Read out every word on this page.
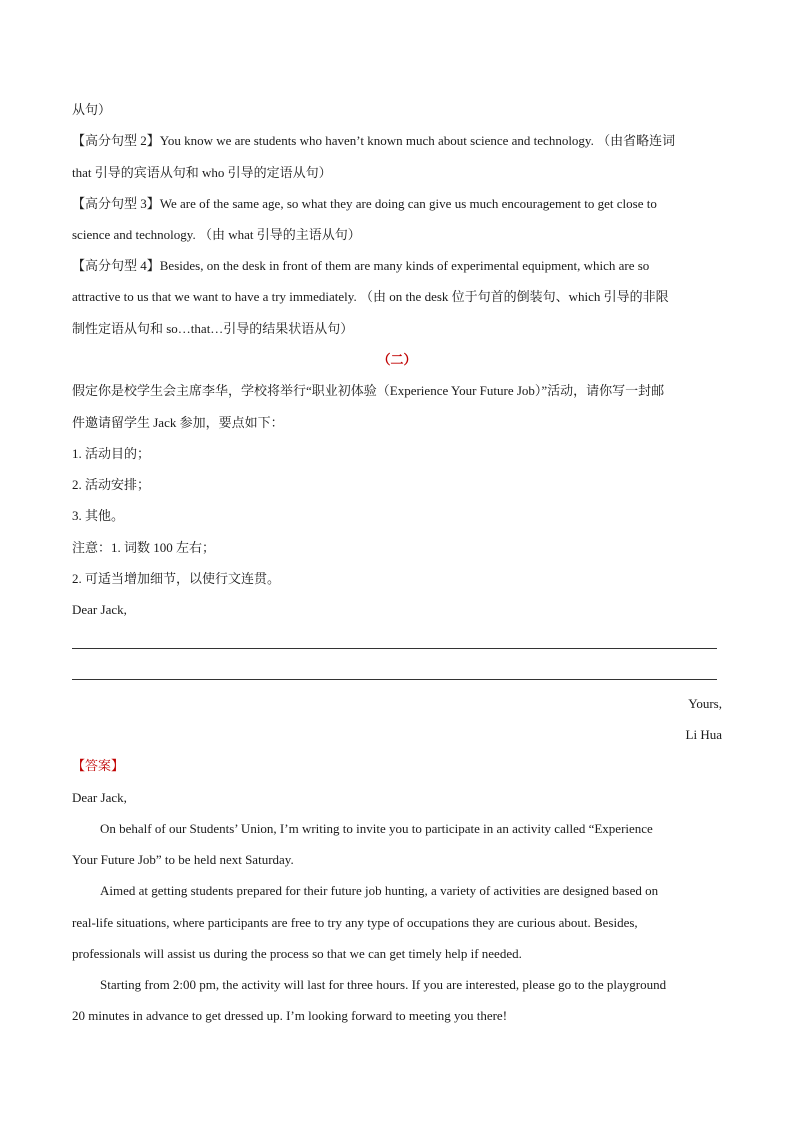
从句）
【高分句型 2】You know we are students who haven’t known much about science and technology. （由省略连词
that 引导的宾语从句和 who 引导的定语从句）
【高分句型 3】We are of the same age, so what they are doing can give us much encouragement to get close to
science and technology. （由 what 引导的主语从句）
【高分句型 4】Besides, on the desk in front of them are many kinds of experimental equipment, which are so
attractive to us that we want to have a try immediately. （由 on the desk 位于句首的倒装句、which 引导的非限
制性定语从句和 so…that…引导的结果状语从句）
（二）
假定你是校学生会主席李华，学校将举行“职业初体验（Experience Your Future Job）”活动，请你写一封邮
件邀请留学生 Jack 参加，要点如下：
1. 活动目的；
2. 活动安排；
3. 其他。
注意：1. 词数 100 左右；
2. 可适当增加细节，以使行文连贯。
Dear Jack,
Yours,
Li Hua
【答案】
Dear Jack,
On behalf of our Students’ Union, I’m writing to invite you to participate in an activity called “Experience
Your Future Job” to be held next Saturday.
Aimed at getting students prepared for their future job hunting, a variety of activities are designed based on
real-life situations, where participants are free to try any type of occupations they are curious about. Besides,
professionals will assist us during the process so that we can get timely help if needed.
Starting from 2:00 pm, the activity will last for three hours. If you are interested, please go to the playground
20 minutes in advance to get dressed up. I’m looking forward to meeting you there!
